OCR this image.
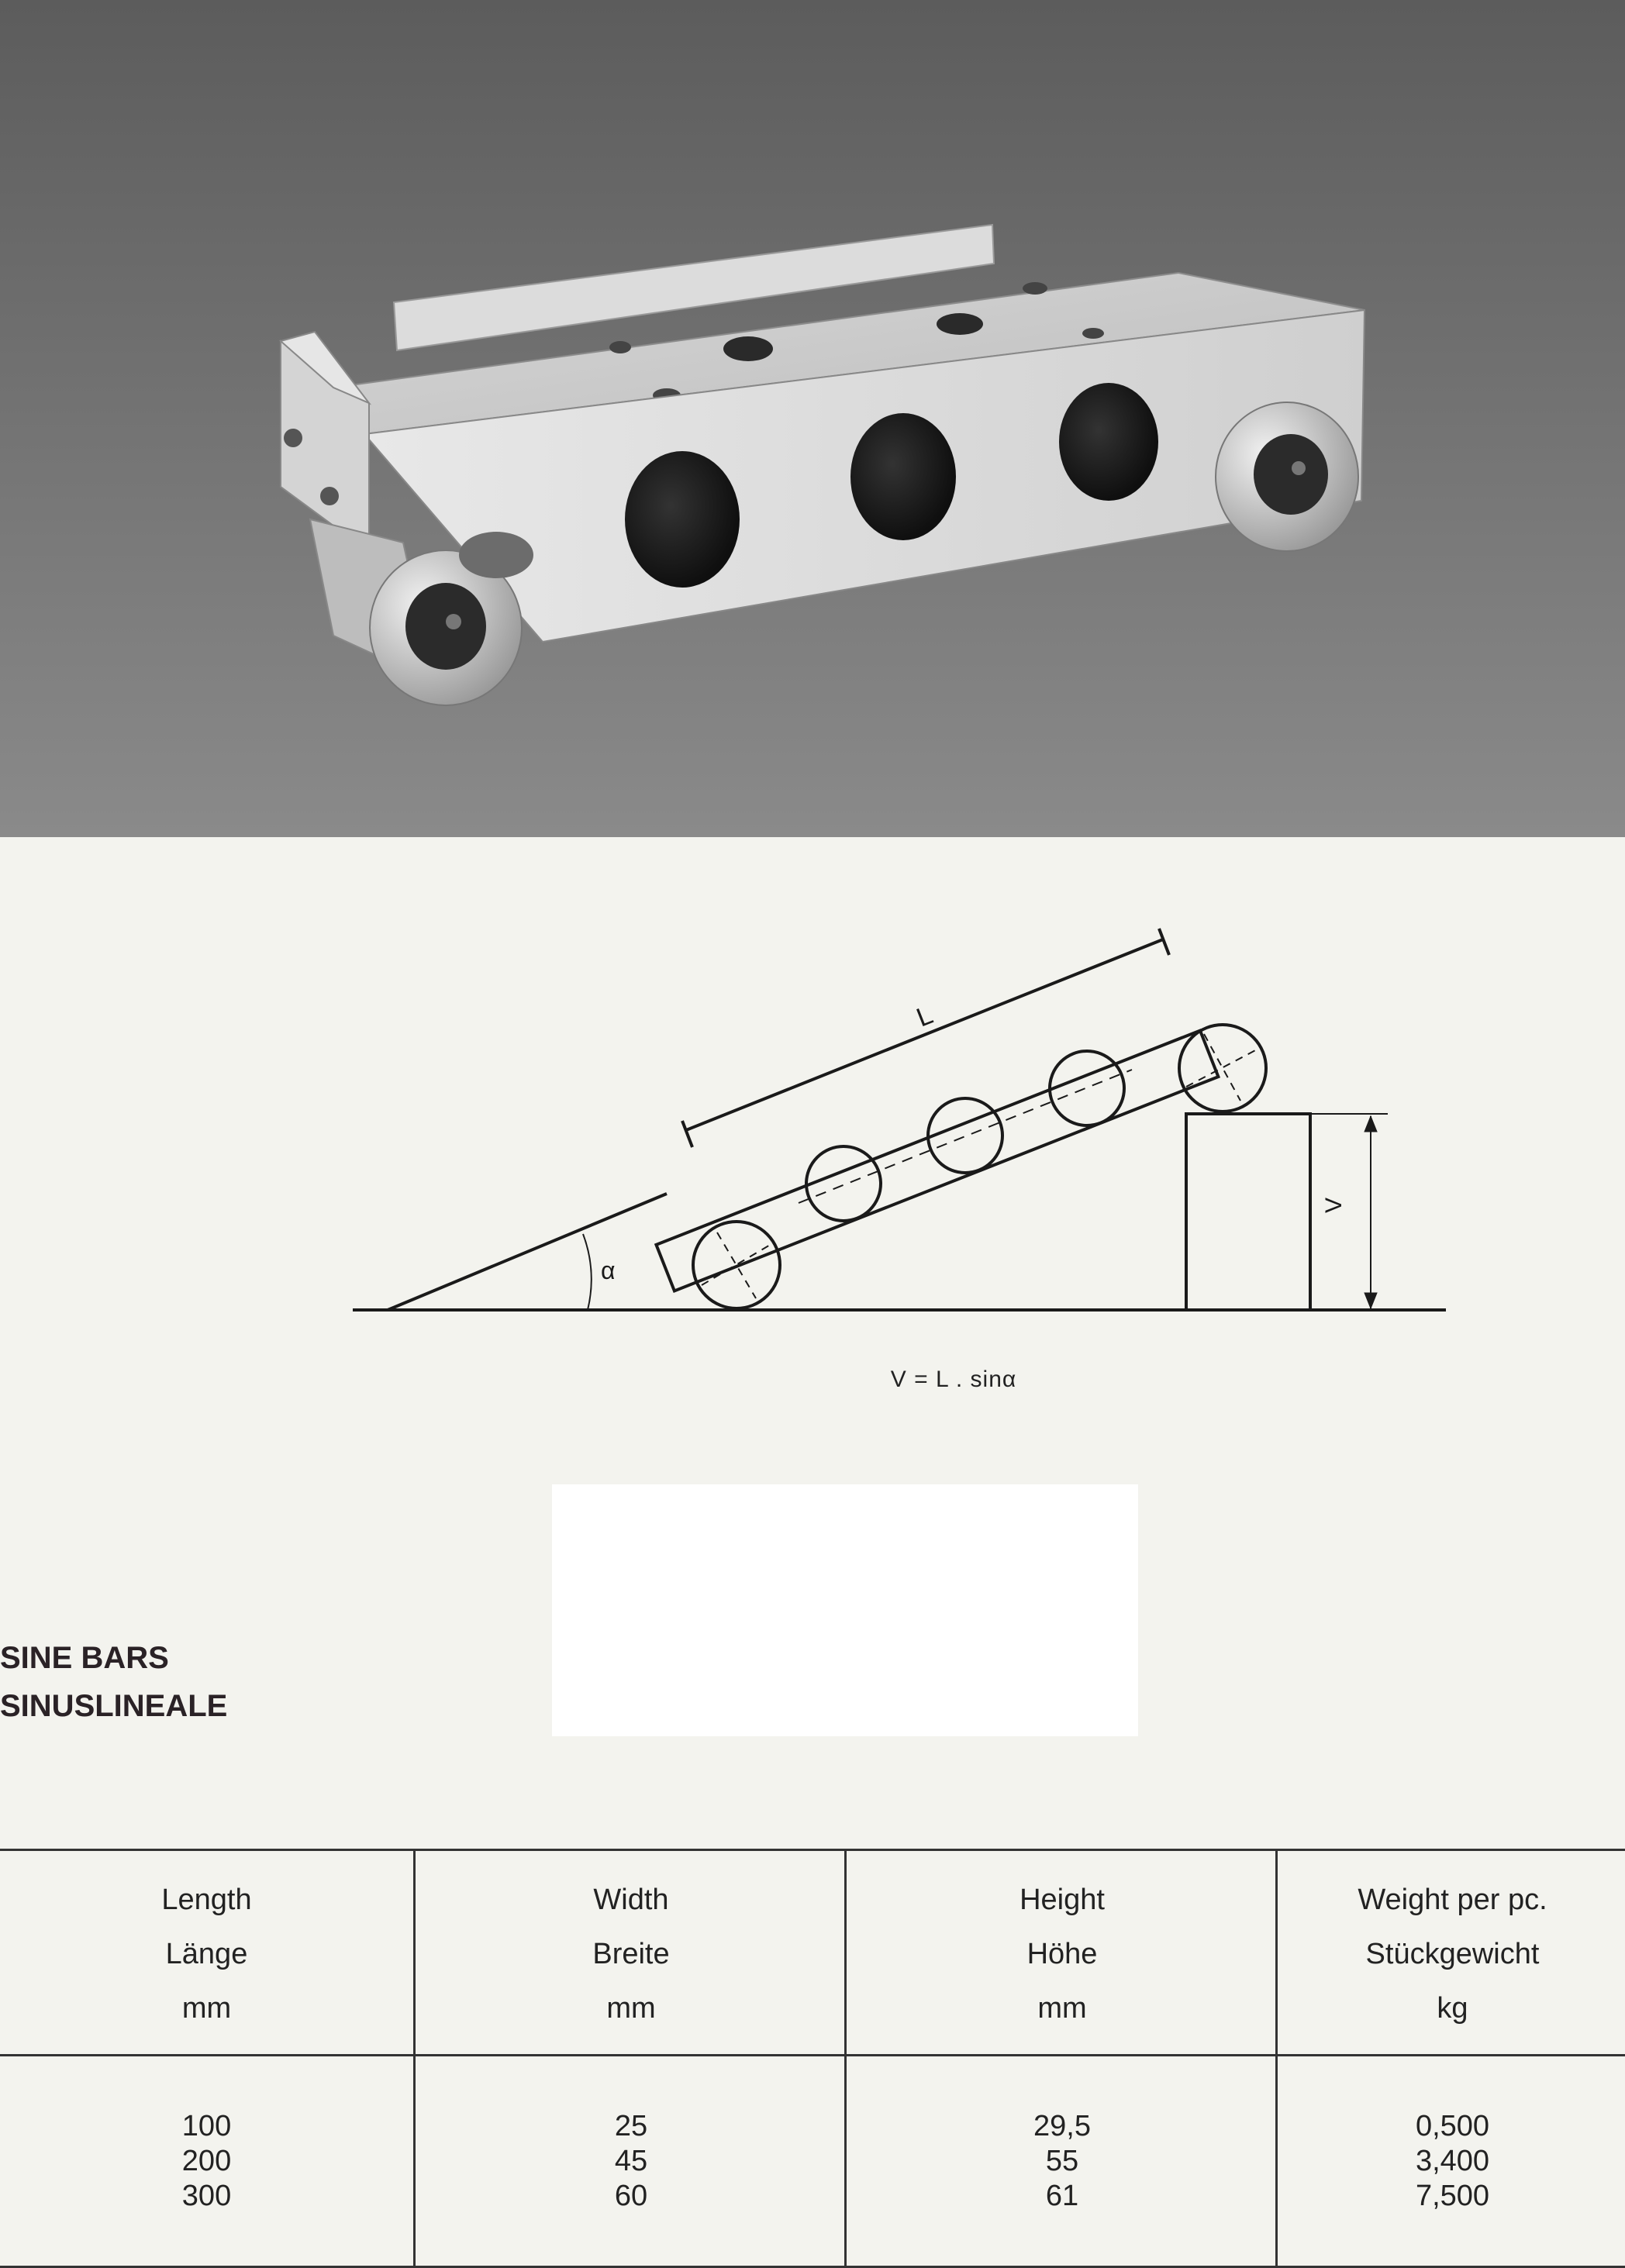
L
α
V
V = L . sinα
SINE BARS
SINUSLINEALE
Length
Länge
mm
100
200
300
Width
Breite
mm
25
45
60
Height
Höhe
mm
29,5
55
61
Weight per pc.
Stückgewicht
kg
0,500
3,400
7,500
